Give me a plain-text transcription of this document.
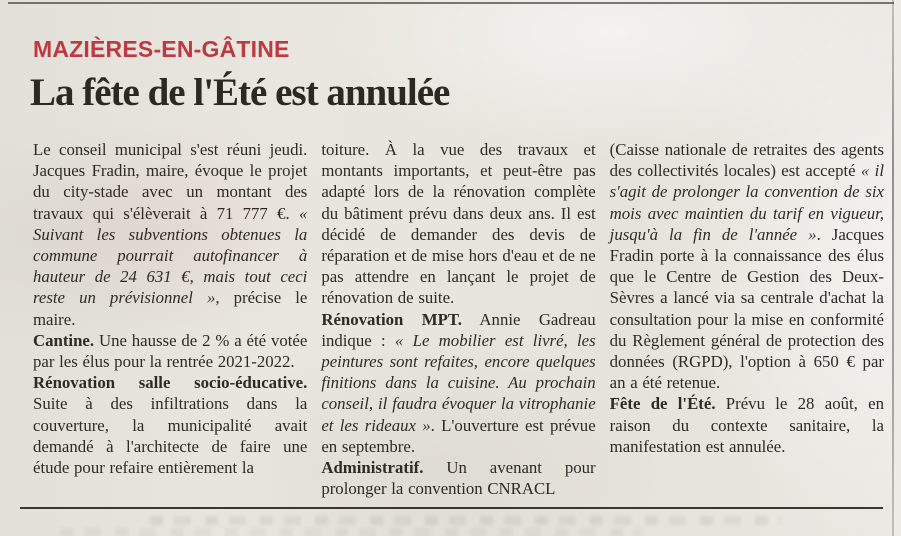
MAZIÈRES-EN-GÂTINE
La fête de l'Été est annulée

Le conseil municipal s'est réuni jeudi. Jacques Fradin, maire, évoque le projet du city-stade avec un montant des travaux qui s'élèverait à 71 777 €. « Suivant les subventions obtenues la commune pourrait autofinancer à hauteur de 24 631 €, mais tout ceci reste un prévisionnel », précise le maire.

Cantine. Une hausse de 2 % a été votée par les élus pour la rentrée 2021-2022.

Rénovation salle socio-éducative. Suite à des infiltrations dans la couverture, la municipalité avait demandé à l'architecte de faire une étude pour refaire entièrement la

toiture. À la vue des travaux et montants importants, et peut-être pas adapté lors de la rénovation complète du bâtiment prévu dans deux ans. Il est décidé de demander des devis de réparation et de mise hors d'eau et de ne pas attendre en lançant le projet de rénovation de suite.

Rénovation MPT. Annie Gadreau indique : « Le mobilier est livré, les peintures sont refaites, encore quelques finitions dans la cuisine. Au prochain conseil, il faudra évoquer la vitrophanie et les rideaux ». L'ouverture est prévue en septembre.

Administratif. Un avenant pour prolonger la convention CNRACL

(Caisse nationale de retraites des agents des collectivités locales) est accepté « il s'agit de prolonger la convention de six mois avec maintien du tarif en vigueur, jusqu'à la fin de l'année ». Jacques Fradin porte à la connaissance des élus que le Centre de Gestion des Deux-Sèvres a lancé via sa centrale d'achat la consultation pour la mise en conformité du Règlement général de protection des données (RGPD), l'option à 650 € par an a été retenue.

Fête de l'Été. Prévu le 28 août, en raison du contexte sanitaire, la manifestation est annulée.
